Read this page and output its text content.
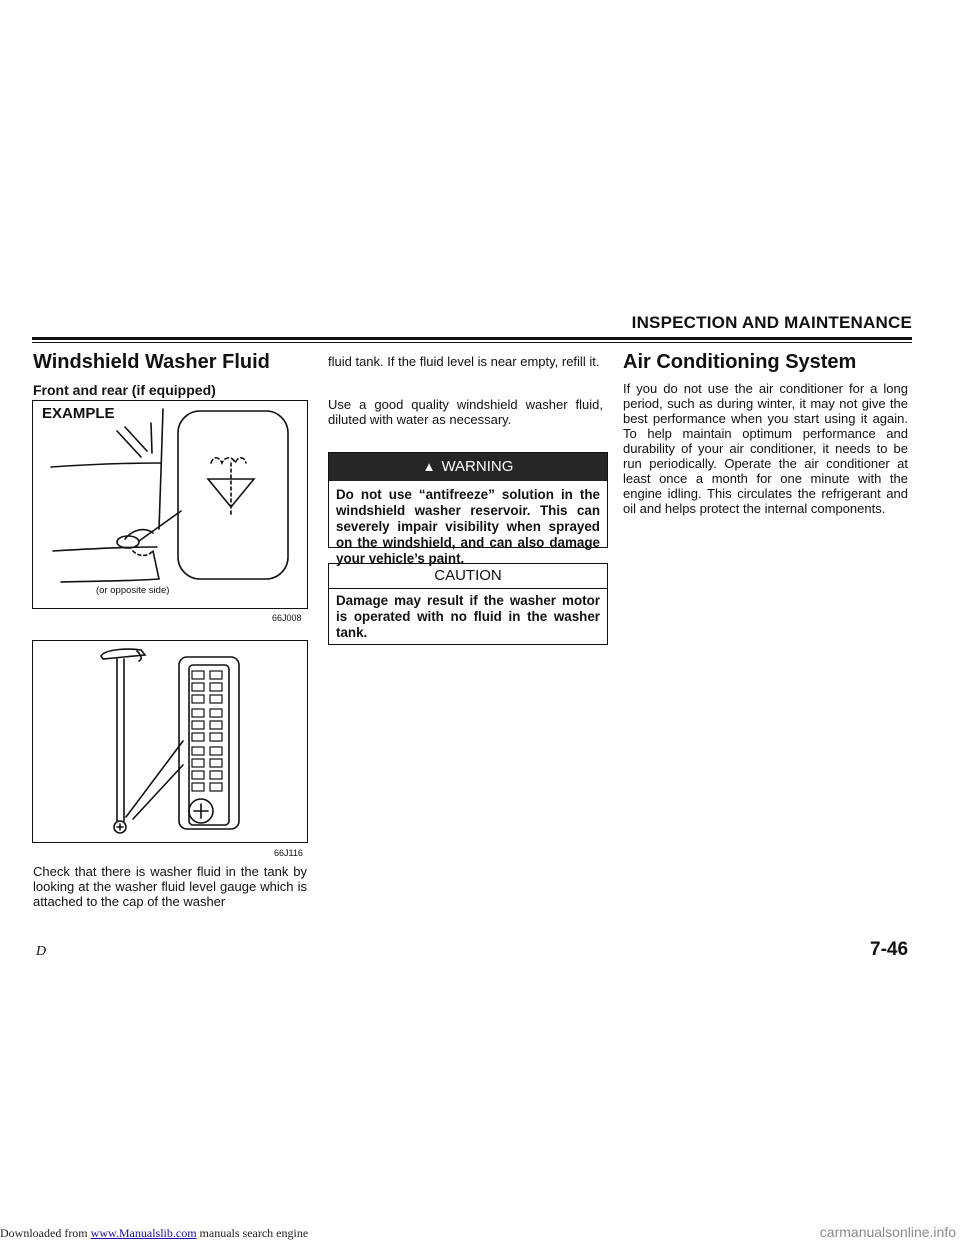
INSPECTION AND MAINTENANCE
Windshield Washer Fluid
Front and rear (if equipped)
EXAMPLE
(or opposite side)
66J008
66J116

Check that there is washer fluid in the tank by looking at the washer fluid level gauge which is attached to the cap of the washer

fluid tank. If the fluid level is near empty, refill it.

Use a good quality windshield washer fluid, diluted with water as necessary.

▲ WARNING
Do not use “antifreeze” solution in the windshield washer reservoir. This can severely impair visibility when sprayed on the windshield, and can also damage your vehicle’s paint.
CAUTION
Damage may result if the washer motor is operated with no fluid in the washer tank.
Air Conditioning System

If you do not use the air conditioner for a long period, such as during winter, it may not give the best performance when you start using it again. To help maintain optimum performance and durability of your air conditioner, it needs to be run periodically. Operate the air conditioner at least once a month for one minute with the engine idling. This circulates the refrigerant and oil and helps protect the internal components.

7-46
D
Downloaded from www.Manualslib.com manuals search engine	carmanualsonline.info
